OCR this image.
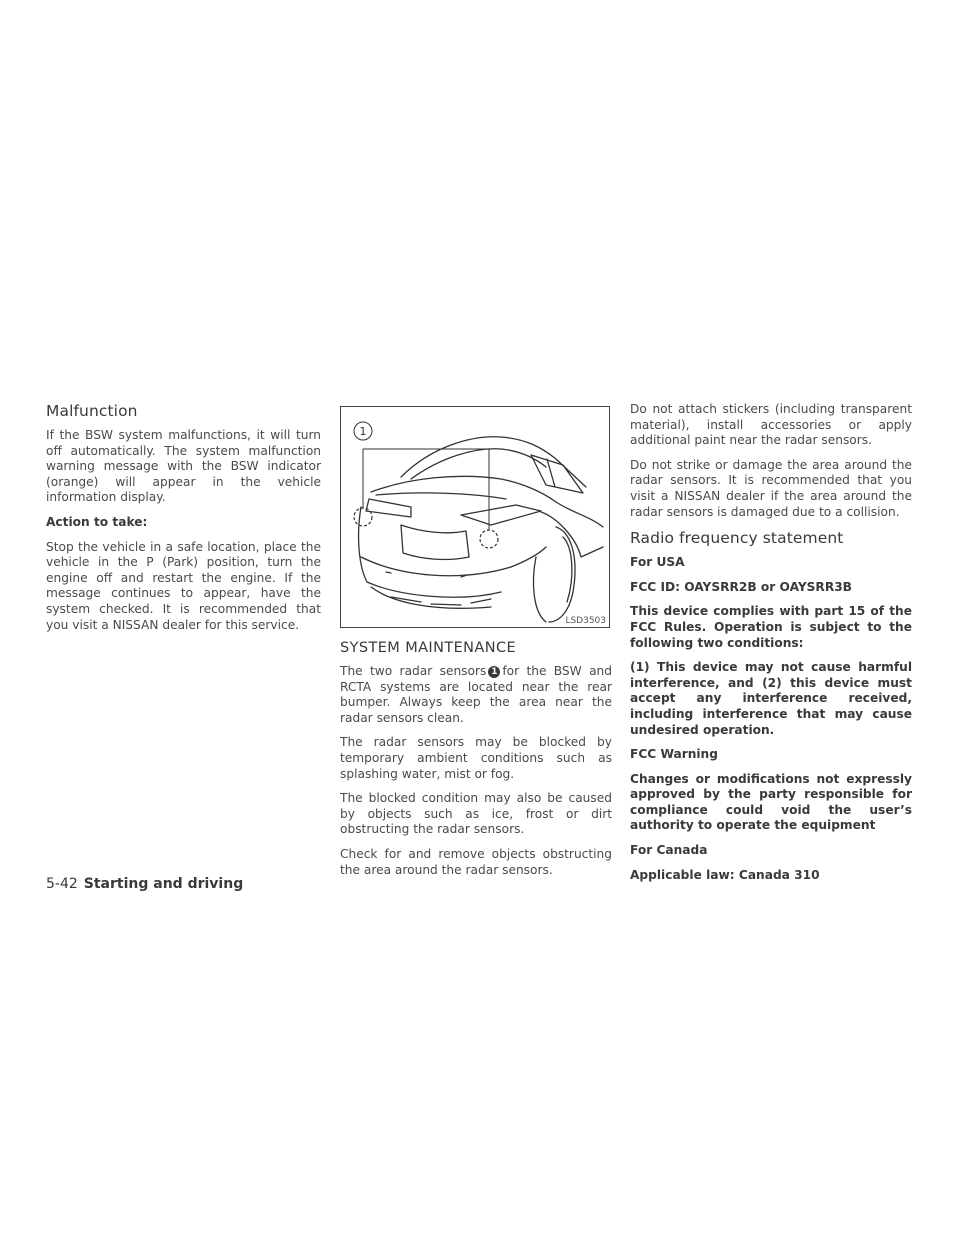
Malfunction

If the BSW system malfunctions, it will turn off automatically. The system malfunction warning message with the BSW indicator (orange) will appear in the vehicle information display.

Action to take:

Stop the vehicle in a safe location, place the vehicle in the P (Park) position, turn the engine off and restart the engine. If the message continues to appear, have the system checked. It is recommended that you visit a NISSAN dealer for this service.

1
LSD3503
SYSTEM MAINTENANCE

The two radar sensors 1 for the BSW and RCTA systems are located near the rear bumper. Always keep the area near the radar sensors clean.

The radar sensors may be blocked by temporary ambient conditions such as splashing water, mist or fog.

The blocked condition may also be caused by objects such as ice, frost or dirt obstructing the radar sensors.

Check for and remove objects obstructing the area around the radar sensors.

Do not attach stickers (including transparent material), install accessories or apply additional paint near the radar sensors.

Do not strike or damage the area around the radar sensors. It is recommended that you visit a NISSAN dealer if the area around the radar sensors is damaged due to a collision.

Radio frequency statement

For USA

FCC ID: OAYSRR2B or OAYSRR3B

This device complies with part 15 of the FCC Rules. Operation is subject to the following two conditions:

(1) This device may not cause harmful interference, and (2) this device must accept any interference received, including interference that may cause undesired operation.

FCC Warning

Changes or modifications not expressly approved by the party responsible for compliance could void the user’s authority to operate the equipment

For Canada

Applicable law: Canada 310

5-42 Starting and driving
